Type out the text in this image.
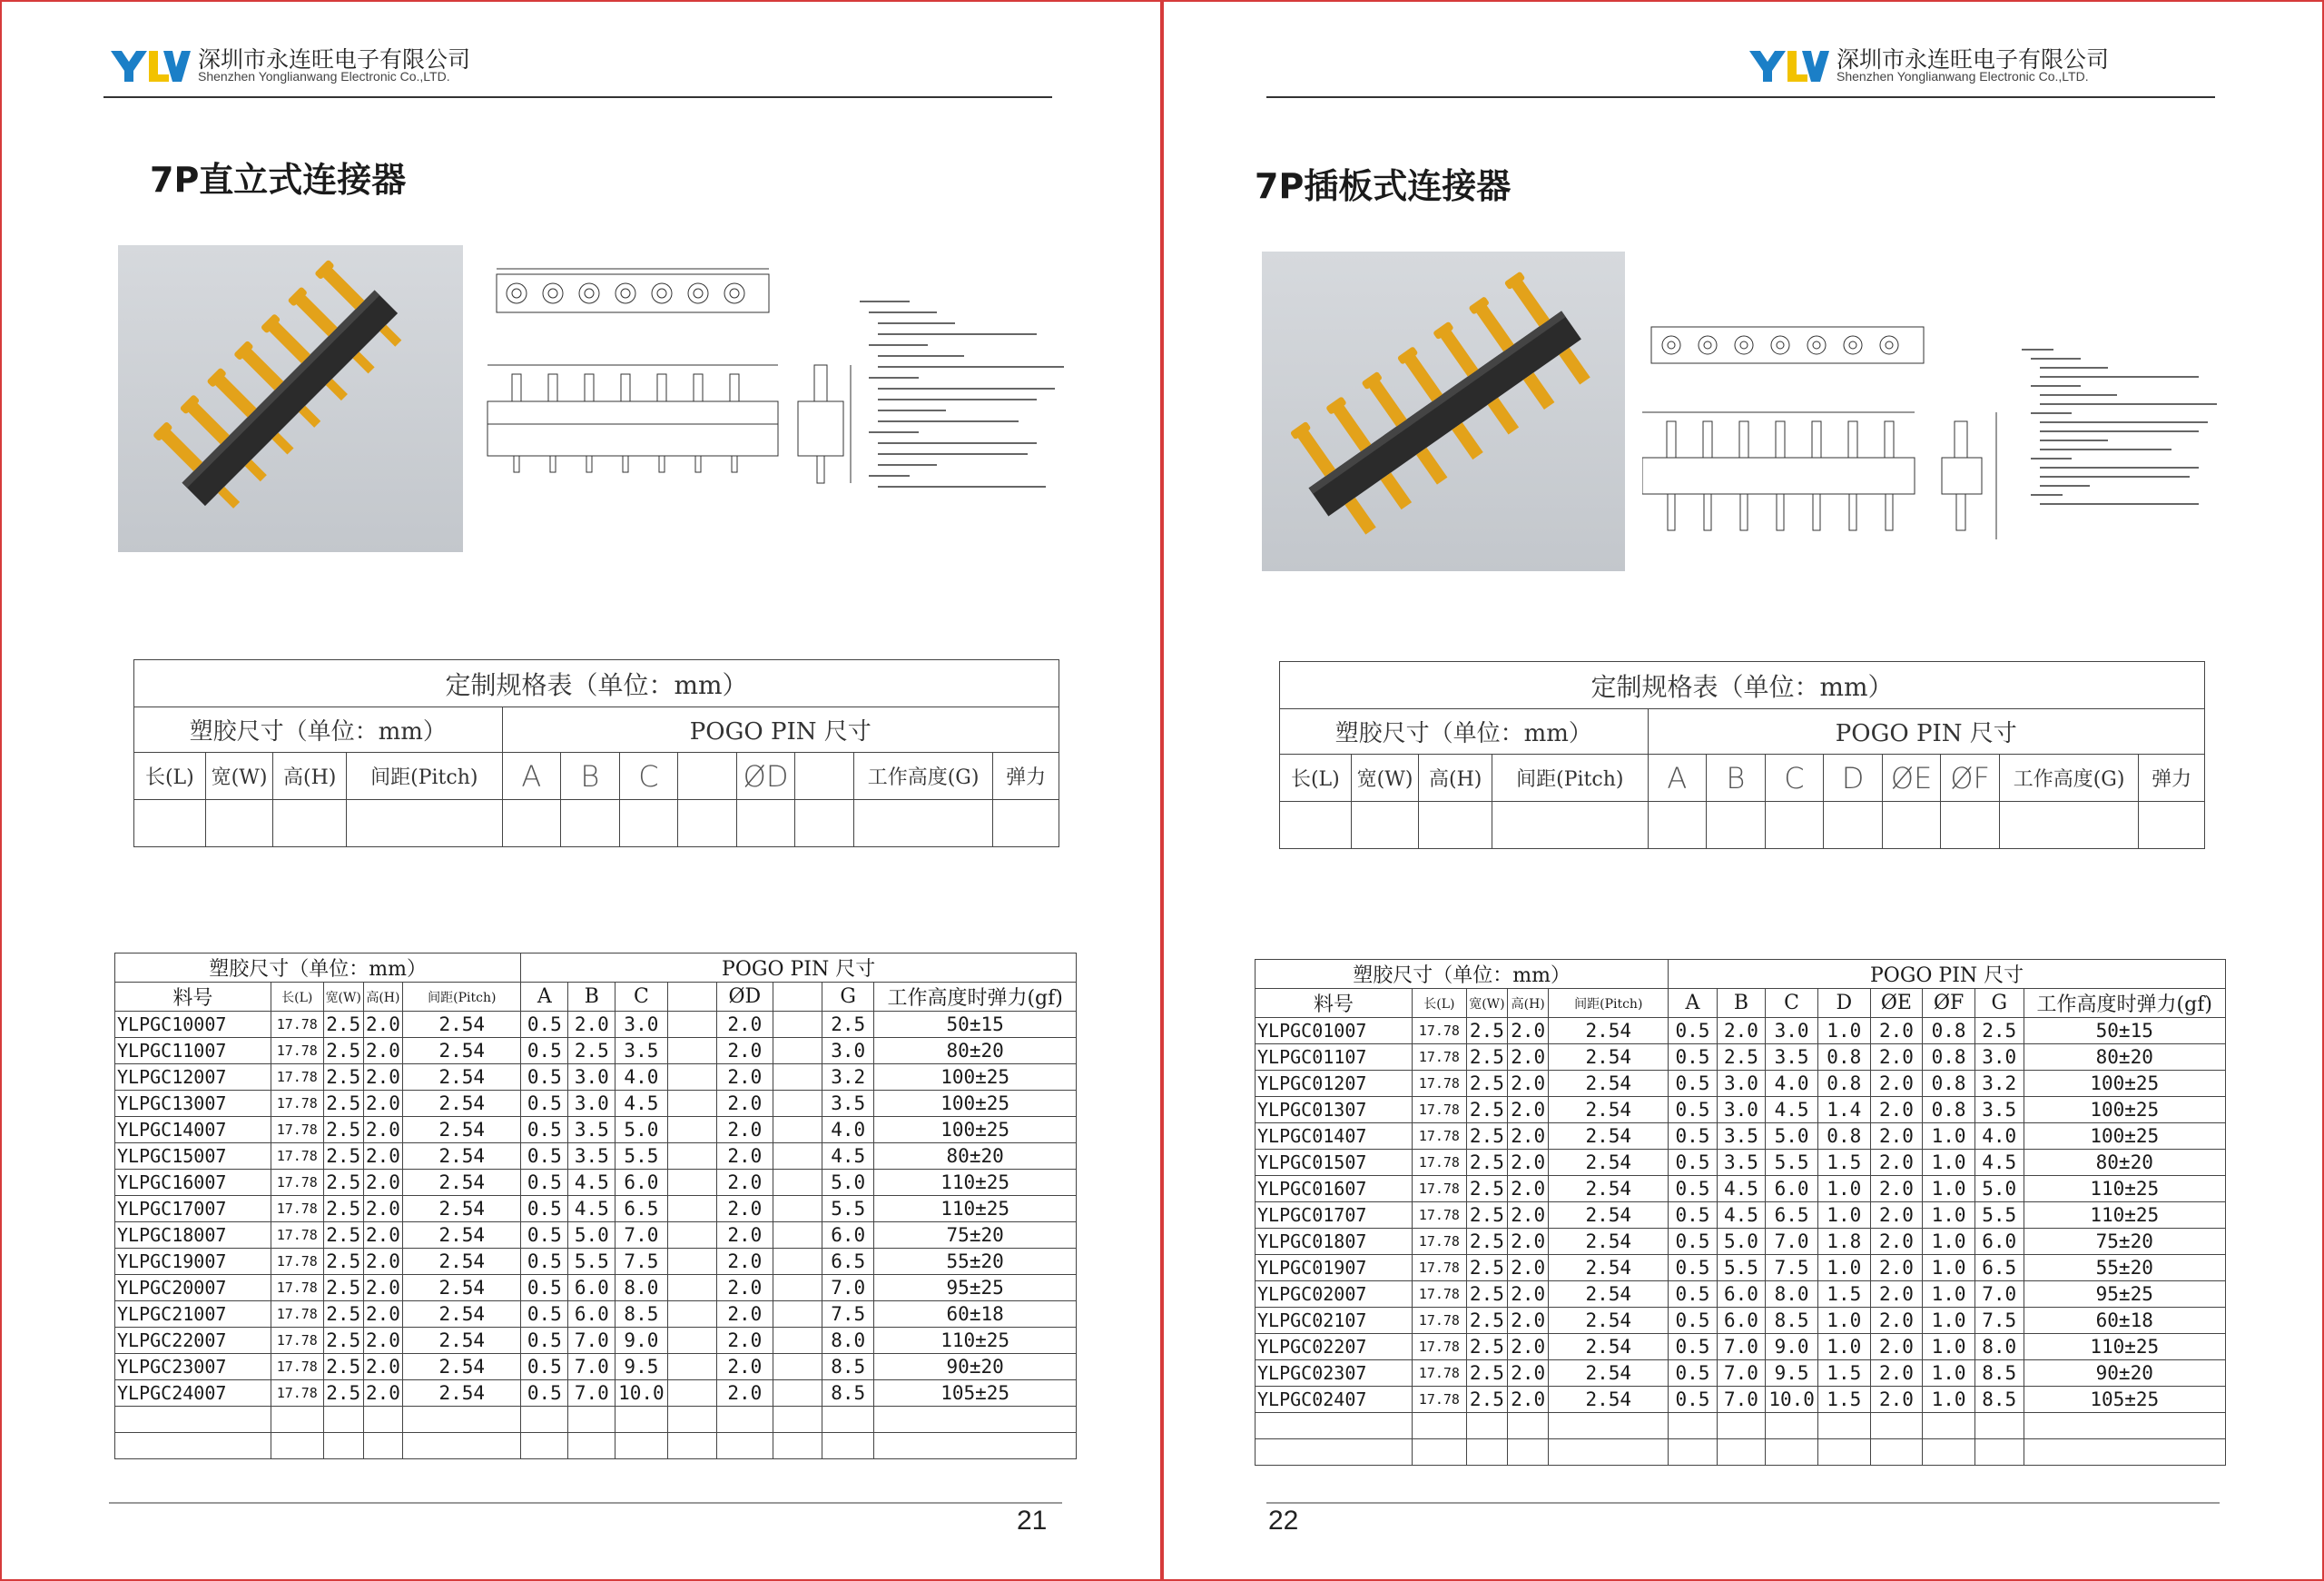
深圳市永连旺电子有限公司
Shenzhen Yonglianwang Electronic Co.,LTD.
7P直立式连接器
定制规格表（单位：mm）											
塑胶尺寸（单位：mm）				POGO PIN 尺寸							
长(L)	宽(W)	高(H)	间距(Pitch)	A	B	C		ØD		工作高度(G)	弹力

塑胶尺寸（单位：mm）					POGO PIN 尺寸							
料号	长(L)	宽(W)	高(H)	间距(Pitch)	A	B	C		ØD		G	工作高度时弹力(gf)
YLPGC10007	17.78	2.5	2.0	2.54	0.5	2.0	3.0		2.0		2.5	50±15
YLPGC11007	17.78	2.5	2.0	2.54	0.5	2.5	3.5		2.0		3.0	80±20
YLPGC12007	17.78	2.5	2.0	2.54	0.5	3.0	4.0		2.0		3.2	100±25
YLPGC13007	17.78	2.5	2.0	2.54	0.5	3.0	4.5		2.0		3.5	100±25
YLPGC14007	17.78	2.5	2.0	2.54	0.5	3.5	5.0		2.0		4.0	100±25
YLPGC15007	17.78	2.5	2.0	2.54	0.5	3.5	5.5		2.0		4.5	80±20
YLPGC16007	17.78	2.5	2.0	2.54	0.5	4.5	6.0		2.0		5.0	110±25
YLPGC17007	17.78	2.5	2.0	2.54	0.5	4.5	6.5		2.0		5.5	110±25
YLPGC18007	17.78	2.5	2.0	2.54	0.5	5.0	7.0		2.0		6.0	75±20
YLPGC19007	17.78	2.5	2.0	2.54	0.5	5.5	7.5		2.0		6.5	55±20
YLPGC20007	17.78	2.5	2.0	2.54	0.5	6.0	8.0		2.0		7.0	95±25
YLPGC21007	17.78	2.5	2.0	2.54	0.5	6.0	8.5		2.0		7.5	60±18
YLPGC22007	17.78	2.5	2.0	2.54	0.5	7.0	9.0		2.0		8.0	110±25
YLPGC23007	17.78	2.5	2.0	2.54	0.5	7.0	9.5		2.0		8.5	90±20
YLPGC24007	17.78	2.5	2.0	2.54	0.5	7.0	10.0		2.0		8.5	105±25

21
深圳市永连旺电子有限公司
Shenzhen Yonglianwang Electronic Co.,LTD.
7P插板式连接器
定制规格表（单位：mm）											
塑胶尺寸（单位：mm）				POGO PIN 尺寸							
长(L)	宽(W)	高(H)	间距(Pitch)	A	B	C	D	ØE	ØF	工作高度(G)	弹力

塑胶尺寸（单位：mm）					POGO PIN 尺寸							
料号	长(L)	宽(W)	高(H)	间距(Pitch)	A	B	C	D	ØE	ØF	G	工作高度时弹力(gf)
YLPGC01007	17.78	2.5	2.0	2.54	0.5	2.0	3.0	1.0	2.0	0.8	2.5	50±15
YLPGC01107	17.78	2.5	2.0	2.54	0.5	2.5	3.5	0.8	2.0	0.8	3.0	80±20
YLPGC01207	17.78	2.5	2.0	2.54	0.5	3.0	4.0	0.8	2.0	0.8	3.2	100±25
YLPGC01307	17.78	2.5	2.0	2.54	0.5	3.0	4.5	1.4	2.0	0.8	3.5	100±25
YLPGC01407	17.78	2.5	2.0	2.54	0.5	3.5	5.0	0.8	2.0	1.0	4.0	100±25
YLPGC01507	17.78	2.5	2.0	2.54	0.5	3.5	5.5	1.5	2.0	1.0	4.5	80±20
YLPGC01607	17.78	2.5	2.0	2.54	0.5	4.5	6.0	1.0	2.0	1.0	5.0	110±25
YLPGC01707	17.78	2.5	2.0	2.54	0.5	4.5	6.5	1.0	2.0	1.0	5.5	110±25
YLPGC01807	17.78	2.5	2.0	2.54	0.5	5.0	7.0	1.8	2.0	1.0	6.0	75±20
YLPGC01907	17.78	2.5	2.0	2.54	0.5	5.5	7.5	1.0	2.0	1.0	6.5	55±20
YLPGC02007	17.78	2.5	2.0	2.54	0.5	6.0	8.0	1.5	2.0	1.0	7.0	95±25
YLPGC02107	17.78	2.5	2.0	2.54	0.5	6.0	8.5	1.0	2.0	1.0	7.5	60±18
YLPGC02207	17.78	2.5	2.0	2.54	0.5	7.0	9.0	1.0	2.0	1.0	8.0	110±25
YLPGC02307	17.78	2.5	2.0	2.54	0.5	7.0	9.5	1.5	2.0	1.0	8.5	90±20
YLPGC02407	17.78	2.5	2.0	2.54	0.5	7.0	10.0	1.5	2.0	1.0	8.5	105±25

22
